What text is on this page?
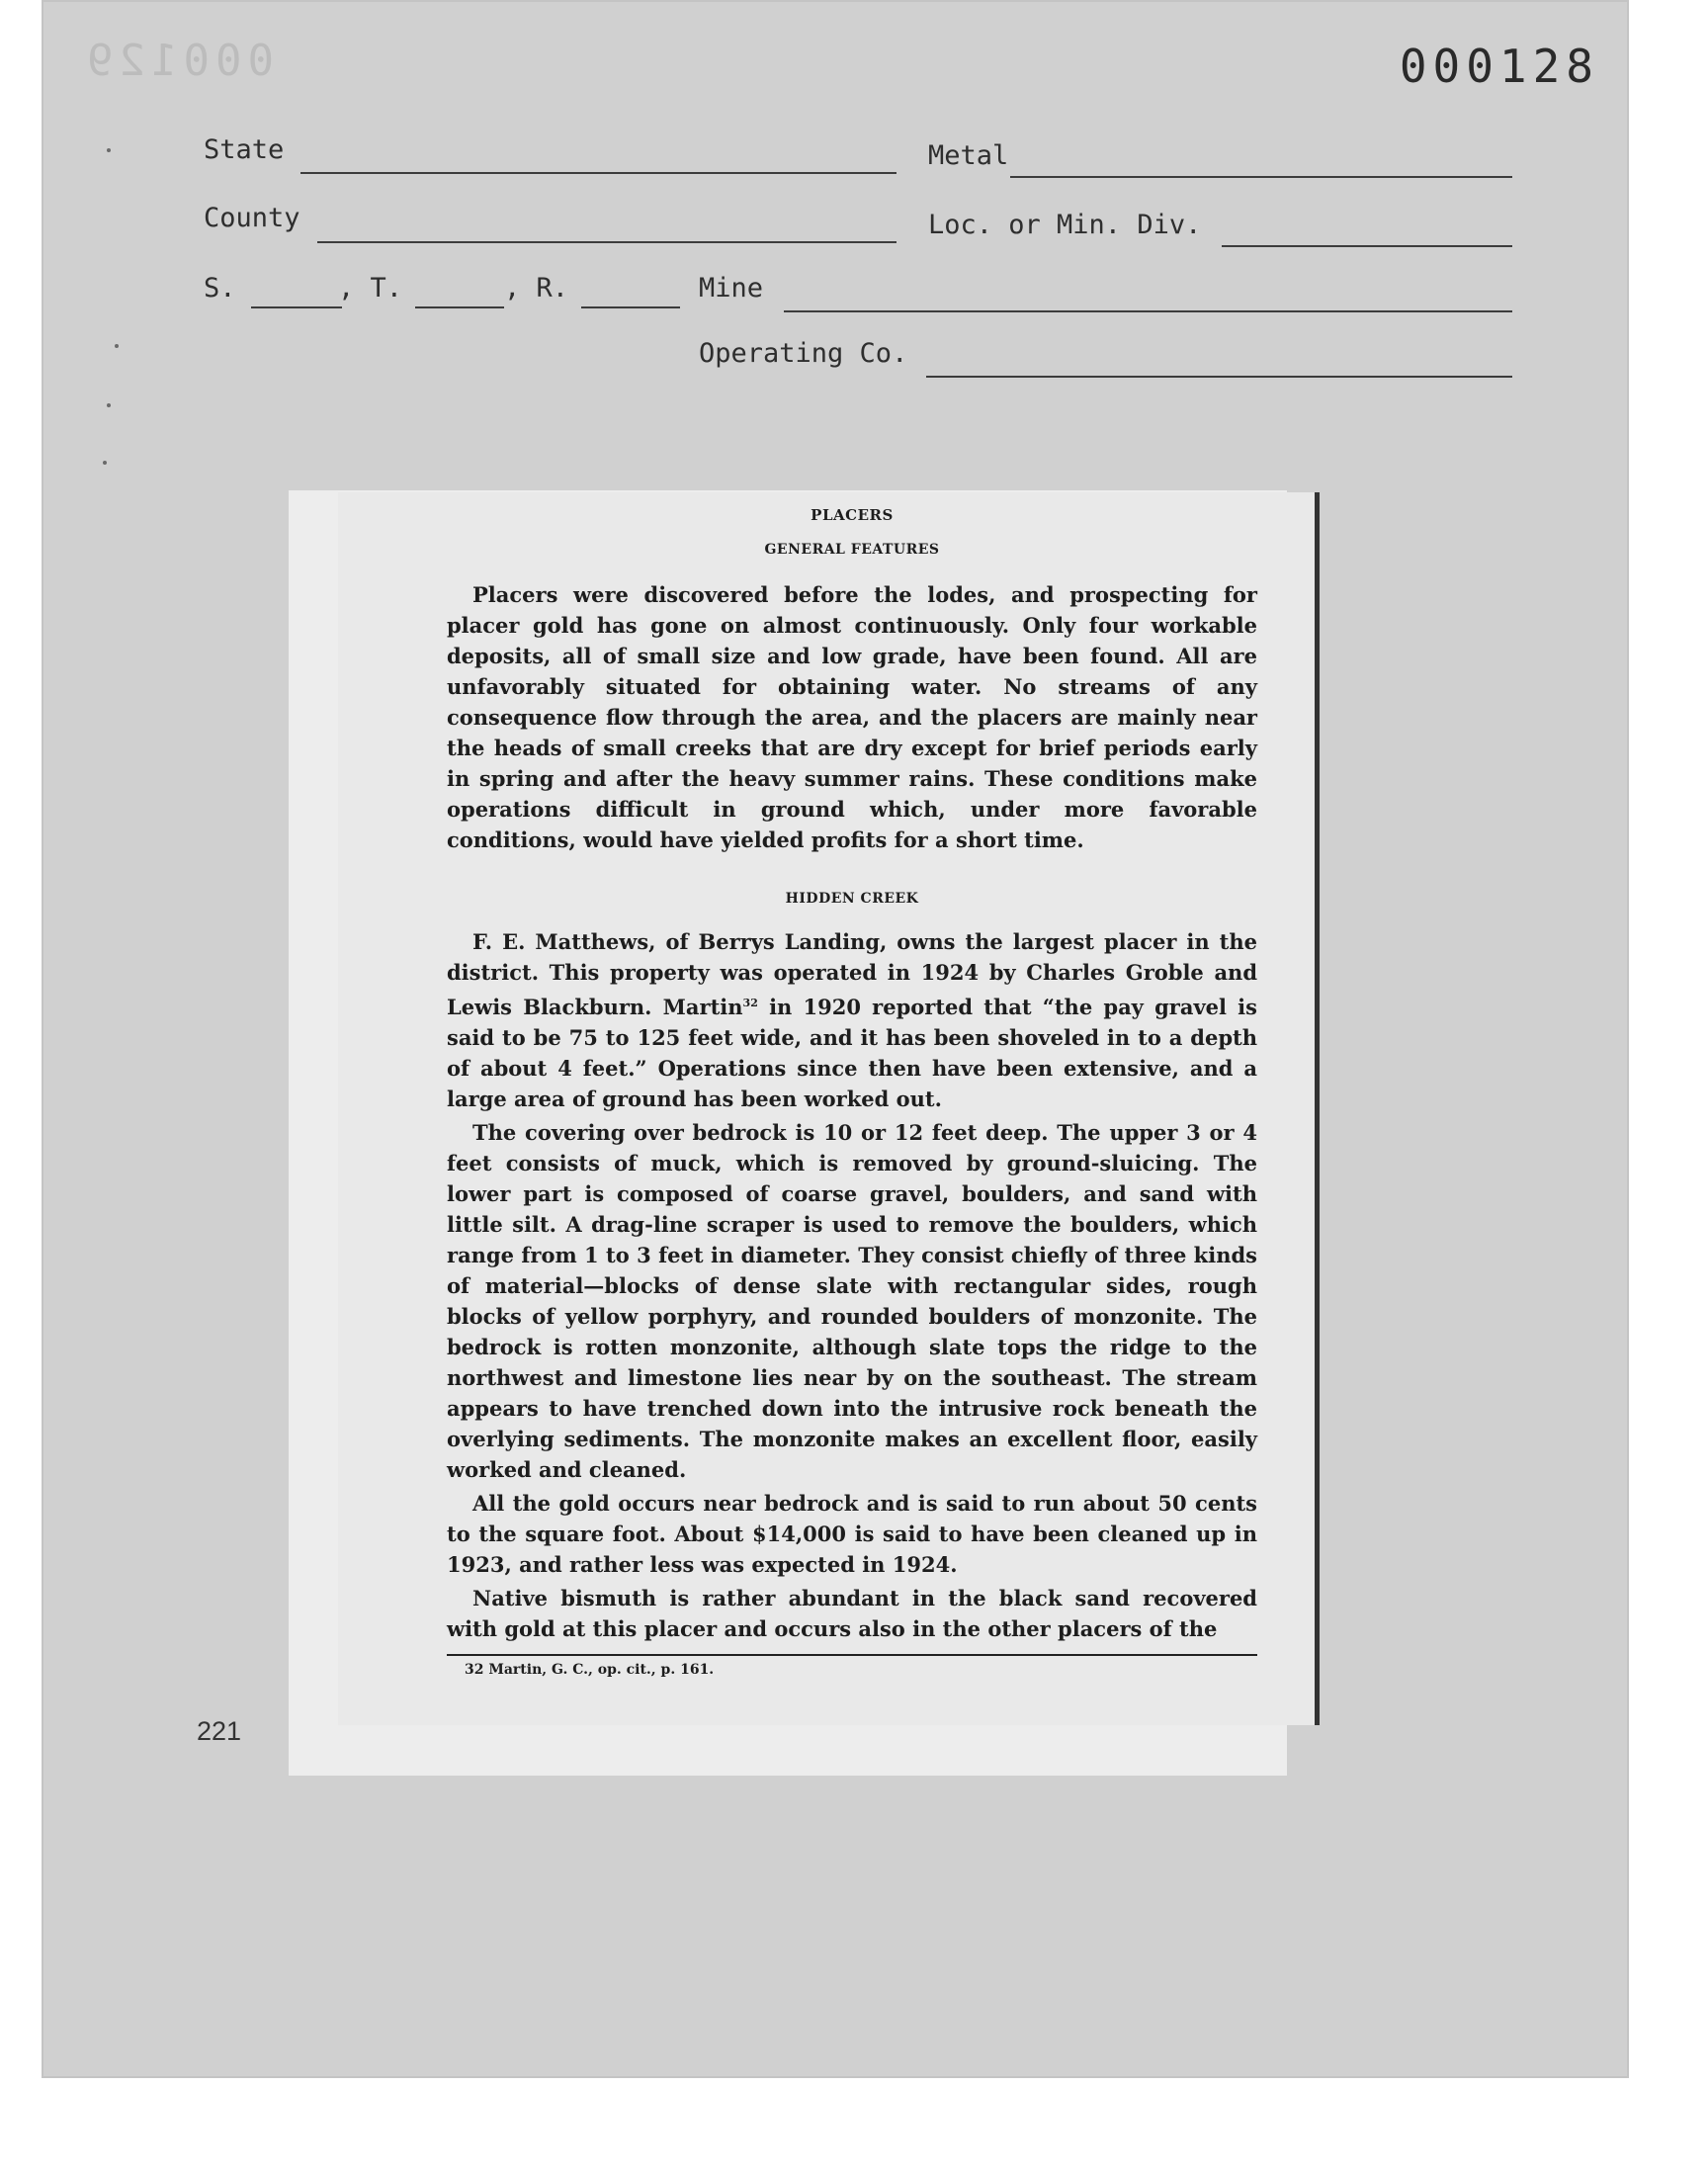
000129	000128
State	Metal
County	Loc. or Min. Div.
S.	, T.	, R.	Mine
Operating Co.
221
PLACERS
GENERAL FEATURES

Placers were discovered before the lodes, and prospecting for placer gold has gone on almost continuously. Only four workable deposits, all of small size and low grade, have been found. All are unfavorably situated for obtaining water. No streams of any consequence flow through the area, and the placers are mainly near the heads of small creeks that are dry except for brief periods early in spring and after the heavy summer rains. These conditions make operations difficult in ground which, under more favorable conditions, would have yielded profits for a short time.

HIDDEN CREEK

F. E. Matthews, of Berrys Landing, owns the largest placer in the district. This property was operated in 1924 by Charles Groble and Lewis Blackburn. Martin$^{32}$ in 1920 reported that “the pay gravel is said to be 75 to 125 feet wide, and it has been shoveled in to a depth of about 4 feet.” Operations since then have been extensive, and a large area of ground has been worked out.

The covering over bedrock is 10 or 12 feet deep. The upper 3 or 4 feet consists of muck, which is removed by ground-sluicing. The lower part is composed of coarse gravel, boulders, and sand with little silt. A drag-line scraper is used to remove the boulders, which range from 1 to 3 feet in diameter. They consist chiefly of three kinds of material—blocks of dense slate with rectangular sides, rough blocks of yellow porphyry, and rounded boulders of monzonite. The bedrock is rotten monzonite, although slate tops the ridge to the northwest and limestone lies near by on the southeast. The stream appears to have trenched down into the intrusive rock beneath the overlying sediments. The monzonite makes an excellent floor, easily worked and cleaned.

All the gold occurs near bedrock and is said to run about 50 cents to the square foot. About $14,000 is said to have been cleaned up in 1923, and rather less was expected in 1924.

Native bismuth is rather abundant in the black sand recovered with gold at this placer and occurs also in the other placers of the

32 Martin, G. C., op. cit., p. 161.
